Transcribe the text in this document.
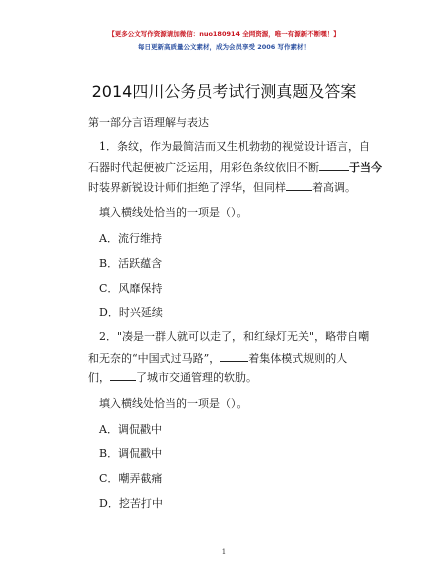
【更多公文写作资源请加微信：nuo180914 全网资源，唯一有源新不断嘿！】
每日更新高质量公文素材，成为会员享受 2006 写作素材！
2014四川公务员考试行测真题及答案
第一部分言语理解与表达
1．条纹，作为最简洁而又生机勃勃的视觉设计语言，自
石器时代起便被广泛运用，用彩色条纹依旧不断	于当今
时装界新锐设计师们拒绝了浮华，但同样 着高调。
填入横线处恰当的一项是（）。
A．流行维持
B．活跃蕴含
C．风靡保持
D．时兴延续
2．"凑是一群人就可以走了，和红绿灯无关"，略带自嘲
和无奈的“中国式过马路”，	着集体模式规则的人
们， 了城市交通管理的软肋。
填入横线处恰当的一项是（）。
A．调侃戳中
B．调侃戳中
C．嘲弄截痛
D．挖苦打中
1
